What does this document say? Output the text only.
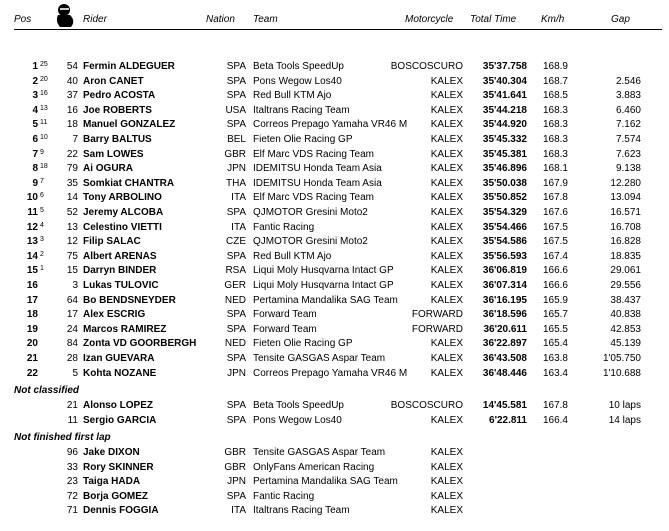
Pos	Rider	Nation Team	Motorcycle Total Time Km/h	Gap
1 25	54 Fermin ALDEGUER	SPA Beta Tools SpeedUp	BOSCOSCURO	35'37.758	168.9
2 20	40 Aron CANET	SPA Pons Wegow Los40	KALEX	35'40.304	168.7	2.546
3 16	37 Pedro ACOSTA	SPA Red Bull KTM Ajo	KALEX	35'41.641	168.5	3.883
4 13	16 Joe ROBERTS	USA Italtrans Racing Team	KALEX	35'44.218	168.3	6.460
5 11	18 Manuel GONZALEZ	SPA Correos Prepago Yamaha VR46 M	KALEX	35'44.920	168.3	7.162
6 10	7 Barry BALTUS	BEL Fieten Olie Racing GP	KALEX	35'45.332	168.3	7.574
7 9	22 Sam LOWES	GBR Elf Marc VDS Racing Team	KALEX	35'45.381	168.3	7.623
8 18	79 Ai OGURA	JPN IDEMITSU Honda Team Asia	KALEX	35'46.896	168.1	9.138
9 7	35 Somkiat CHANTRA	THA IDEMITSU Honda Team Asia	KALEX	35'50.038	167.9	12.280
10 6	14 Tony ARBOLINO	ITA Elf Marc VDS Racing Team	KALEX	35'50.852	167.8	13.094
11 5	52 Jeremy ALCOBA	SPA QJMOTOR Gresini Moto2	KALEX	35'54.329	167.6	16.571
12 4	13 Celestino VIETTI	ITA Fantic Racing	KALEX	35'54.466	167.5	16.708
13 3	12 Filip SALAC	CZE QJMOTOR Gresini Moto2	KALEX	35'54.586	167.5	16.828
14 2	75 Albert ARENAS	SPA Red Bull KTM Ajo	KALEX	35'56.593	167.4	18.835
15 1	15 Darryn BINDER	RSA Liqui Moly Husqvarna Intact GP	KALEX	36'06.819	166.6	29.061
16	3 Lukas TULOVIC	GER Liqui Moly Husqvarna Intact GP	KALEX	36'07.314	166.6	29.556
17	64 Bo BENDSNEYDER	NED Pertamina Mandalika SAG Team	KALEX	36'16.195	165.9	38.437
18	17 Alex ESCRIG	SPA Forward Team	FORWARD	36'18.596	165.7	40.838
19	24 Marcos RAMIREZ	SPA Forward Team	FORWARD	36'20.611	165.5	42.853
20	84 Zonta VD GOORBERGH	NED Fieten Olie Racing GP	KALEX	36'22.897	165.4	45.139
21	28 Izan GUEVARA	SPA Tensite GASGAS Aspar Team	KALEX	36'43.508	163.8	1'05.750
22	5 Kohta NOZANE	JPN Correos Prepago Yamaha VR46 M	KALEX	36'48.446	163.4	1'10.688
Not classified
21 Alonso LOPEZ	SPA Beta Tools SpeedUp	BOSCOSCURO	14'45.581	167.8	10 laps
11 Sergio GARCIA	SPA Pons Wegow Los40	KALEX	6'22.811	166.4	14 laps
Not finished first lap
96 Jake DIXON	GBR Tensite GASGAS Aspar Team	KALEX
33 Rory SKINNER	GBR OnlyFans American Racing	KALEX
23 Taiga HADA	JPN Pertamina Mandalika SAG Team	KALEX
72 Borja GOMEZ	SPA Fantic Racing	KALEX
71 Dennis FOGGIA	ITA Italtrans Racing Team	KALEX
